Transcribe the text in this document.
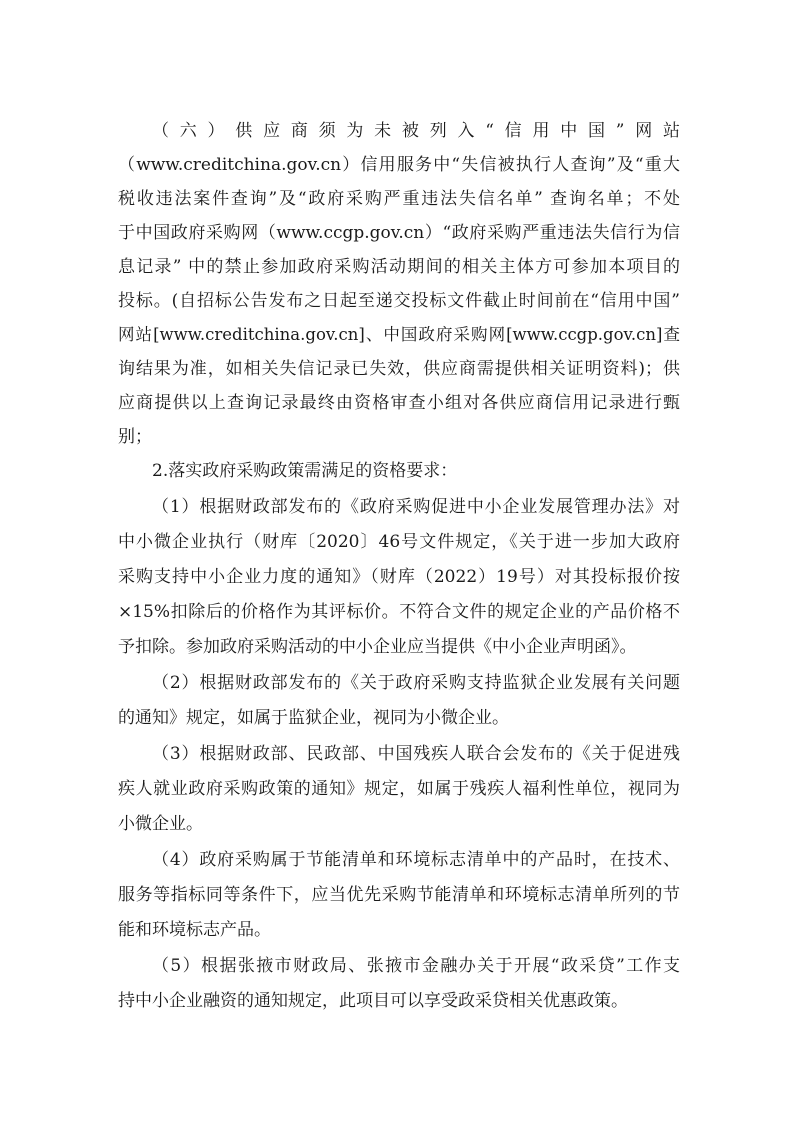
（六）供应商须为未被列入“信用中国”网站
（www.creditchina.gov.cn）信用服务中“失信被执行人查询”及“重大
税收违法案件查询”及“政府采购严重违法失信名单” 查询名单；不处
于中国政府采购网（www.ccgp.gov.cn）“政府采购严重违法失信行为信
息记录” 中的禁止参加政府采购活动期间的相关主体方可参加本项目的
投标。(自招标公告发布之日起至递交投标文件截止时间前在“信用中国”
网站[www.creditchina.gov.cn]、中国政府采购网[www.ccgp.gov.cn]查
询结果为准，如相关失信记录已失效，供应商需提供相关证明资料)；供
应商提供以上查询记录最终由资格审查小组对各供应商信用记录进行甄
别；
2.落实政府采购政策需满足的资格要求：
（1）根据财政部发布的《政府采购促进中小企业发展管理办法》对
中小微企业执行（财库〔2020〕46号文件规定，《关于进一步加大政府
采购支持中小企业力度的通知》（财库（2022）19号）对其投标报价按
×15%扣除后的价格作为其评标价。不符合文件的规定企业的产品价格不
予扣除。参加政府采购活动的中小企业应当提供《中小企业声明函》。
（2）根据财政部发布的《关于政府采购支持监狱企业发展有关问题
的通知》规定，如属于监狱企业，视同为小微企业。
（3）根据财政部、民政部、中国残疾人联合会发布的《关于促进残
疾人就业政府采购政策的通知》规定，如属于残疾人福利性单位，视同为
小微企业。
（4）政府采购属于节能清单和环境标志清单中的产品时，在技术、
服务等指标同等条件下，应当优先采购节能清单和环境标志清单所列的节
能和环境标志产品。
（5）根据张掖市财政局、张掖市金融办关于开展“政采贷”工作支
持中小企业融资的通知规定，此项目可以享受政采贷相关优惠政策。
